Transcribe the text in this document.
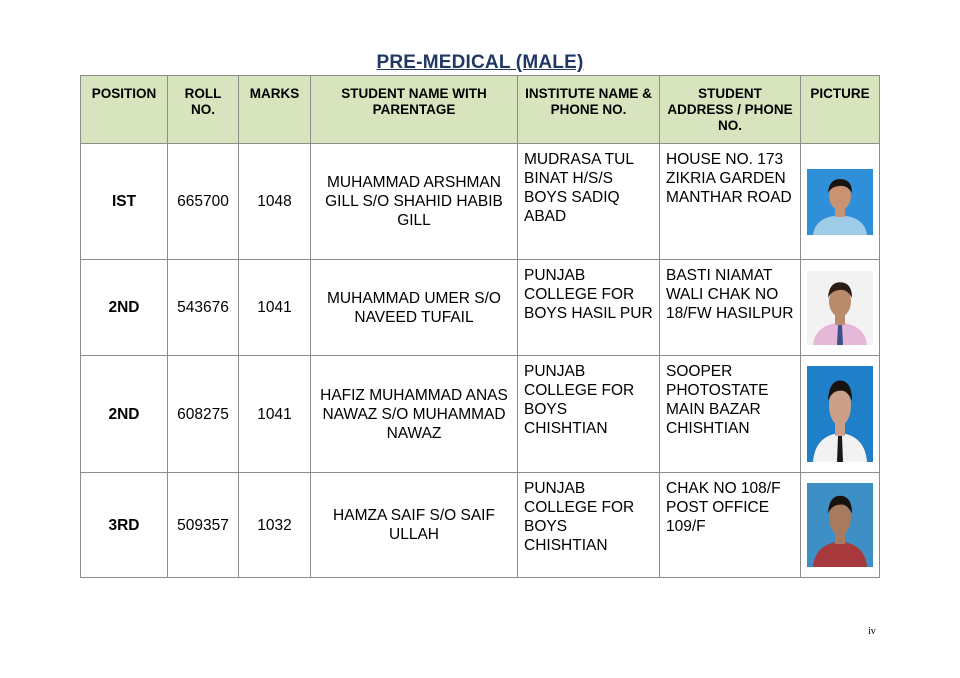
PRE-MEDICAL (MALE)
POSITION	ROLL NO.	MARKS	STUDENT NAME WITH PARENTAGE	INSTITUTE NAME & PHONE NO.	STUDENT ADDRESS / PHONE NO.	PICTURE
IST	665700	1048	MUHAMMAD ARSHMAN GILL S/O SHAHID HABIB GILL	MUDRASA TUL BINAT H/S/S BOYS SADIQ ABAD	HOUSE NO. 173 ZIKRIA GARDEN MANTHAR ROAD	

2ND	543676	1041	MUHAMMAD UMER S/O NAVEED TUFAIL	PUNJAB COLLEGE FOR BOYS HASIL PUR	BASTI NIAMAT WALI CHAK NO 18/FW HASILPUR	

2ND	608275	1041	HAFIZ MUHAMMAD ANAS NAWAZ S/O MUHAMMAD NAWAZ	PUNJAB COLLEGE FOR BOYS CHISHTIAN	SOOPER PHOTOSTATE MAIN BAZAR CHISHTIAN	

3RD	509357	1032	HAMZA SAIF S/O SAIF ULLAH	PUNJAB COLLEGE FOR BOYS CHISHTIAN	CHAK NO 108/F POST OFFICE 109/F	
iv
